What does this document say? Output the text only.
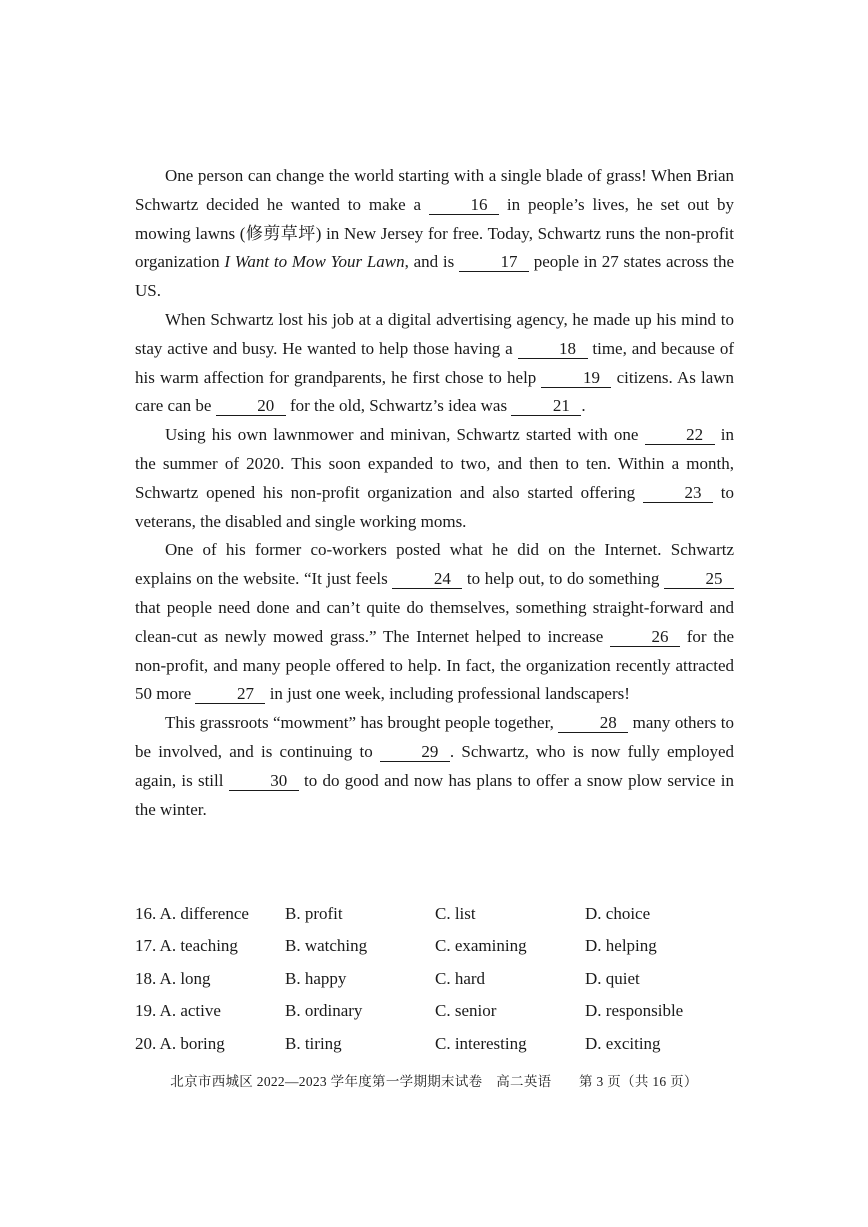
One person can change the world starting with a single blade of grass! When Brian Schwartz decided he wanted to make a 16 in people’s lives, he set out by mowing lawns (修剪草坪) in New Jersey for free. Today, Schwartz runs the non-profit organization I Want to Mow Your Lawn, and is 17 people in 27 states across the US.

When Schwartz lost his job at a digital advertising agency, he made up his mind to stay active and busy. He wanted to help those having a 18 time, and because of his warm affection for grandparents, he first chose to help 19 citizens. As lawn care can be 20 for the old, Schwartz’s idea was 21 .

Using his own lawnmower and minivan, Schwartz started with one 22 in the summer of 2020. This soon expanded to two, and then to ten. Within a month, Schwartz opened his non-profit organization and also started offering 23 to veterans, the disabled and single working moms.

One of his former co-workers posted what he did on the Internet. Schwartz explains on the website. “It just feels 24 to help out, to do something 25 that people need done and can’t quite do themselves, something straight-forward and clean-cut as newly mowed grass.” The Internet helped to increase 26 for the non-profit, and many people offered to help. In fact, the organization recently attracted 50 more 27 in just one week, including professional landscapers!

This grassroots “mowment” has brought people together, 28 many others to be involved, and is continuing to 29 . Schwartz, who is now fully employed again, is still 30 to do good and now has plans to offer a snow plow service in the winter.

16. A. difference	B. profit	C. list	D. choice
17. A. teaching	B. watching	C. examining	D. helping
18. A. long	B. happy	C. hard	D. quiet
19. A. active	B. ordinary	C. senior	D. responsible
20. A. boring	B. tiring	C. interesting	D. exciting
北京市西城区 2022—2023 学年度第一学期期末试卷　高二英语　　第 3 页（共 16 页）
